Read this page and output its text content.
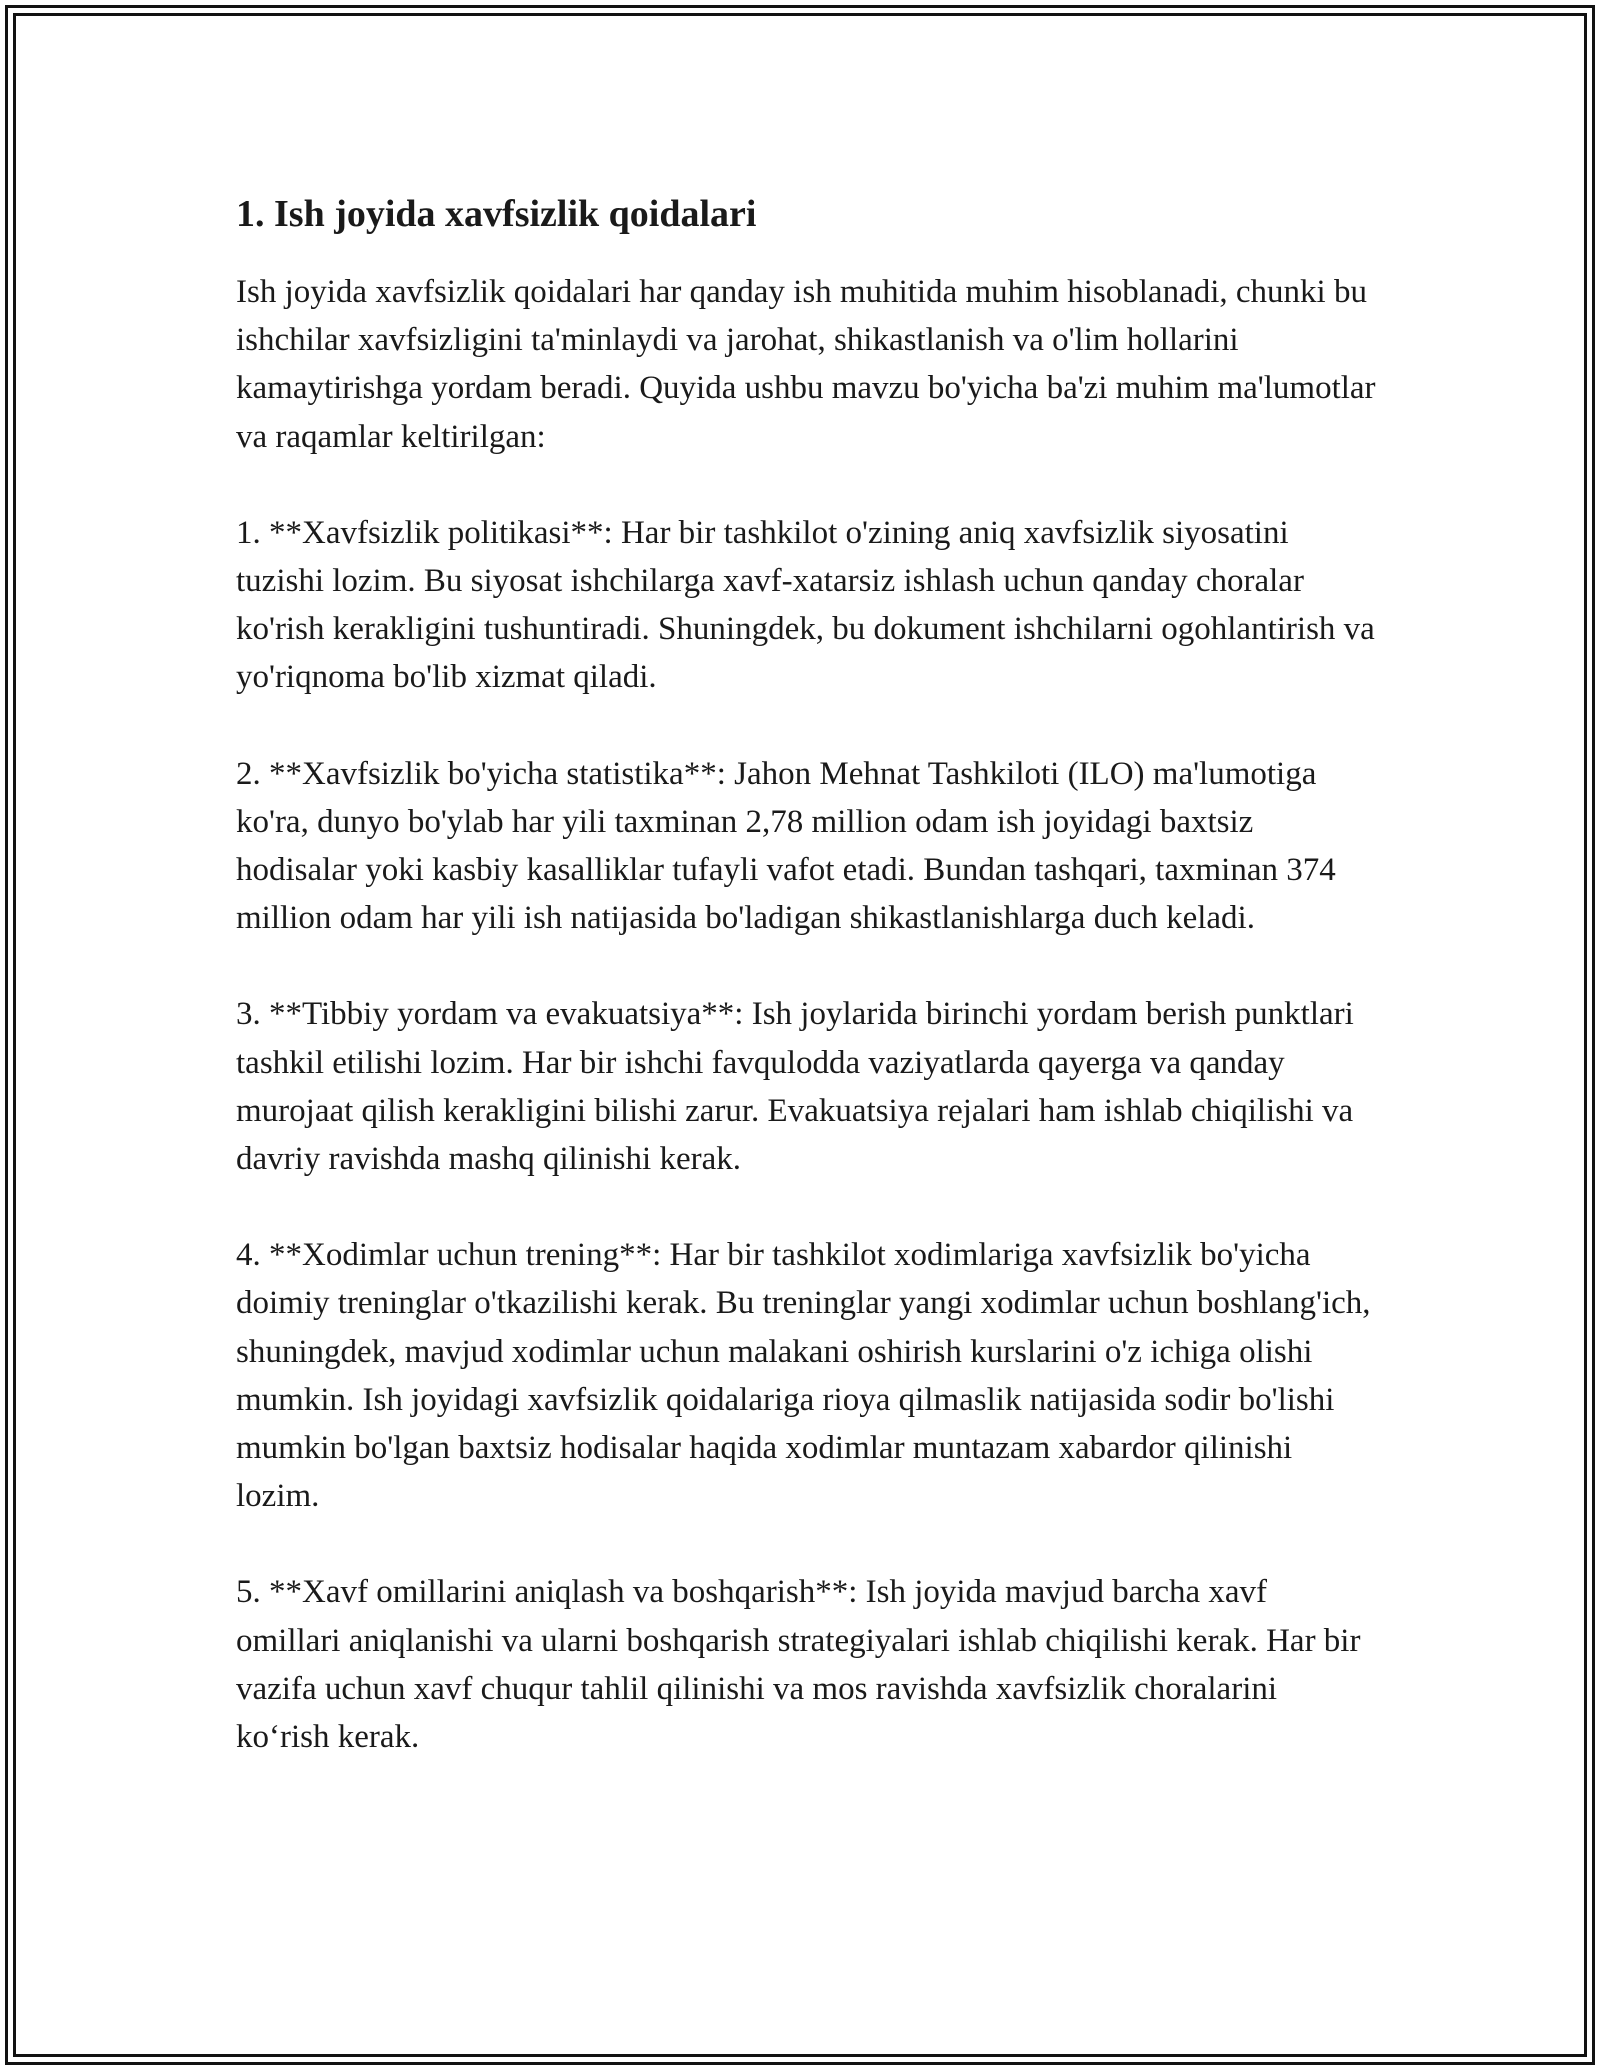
1. Ish joyida xavfsizlik qoidalari

Ish joyida xavfsizlik qoidalari har qanday ish muhitida muhim hisoblanadi, chunki bu ishchilar xavfsizligini ta'minlaydi va jarohat, shikastlanish va o'lim hollarini kamaytirishga yordam beradi. Quyida ushbu mavzu bo'yicha ba'zi muhim ma'lumotlar va raqamlar keltirilgan:

1. **Xavfsizlik politikasi**: Har bir tashkilot o'zining aniq xavfsizlik siyosatini tuzishi lozim. Bu siyosat ishchilarga xavf-xatarsiz ishlash uchun qanday choralar ko'rish kerakligini tushuntiradi. Shuningdek, bu dokument ishchilarni ogohlantirish va yo'riqnoma bo'lib xizmat qiladi.

2. **Xavfsizlik bo'yicha statistika**: Jahon Mehnat Tashkiloti (ILO) ma'lumotiga ko'ra, dunyo bo'ylab har yili taxminan 2,78 million odam ish joyidagi baxtsiz hodisalar yoki kasbiy kasalliklar tufayli vafot etadi. Bundan tashqari, taxminan 374 million odam har yili ish natijasida bo'ladigan shikastlanishlarga duch keladi.

3. **Tibbiy yordam va evakuatsiya**: Ish joylarida birinchi yordam berish punktlari tashkil etilishi lozim. Har bir ishchi favqulodda vaziyatlarda qayerga va qanday murojaat qilish kerakligini bilishi zarur. Evakuatsiya rejalari ham ishlab chiqilishi va davriy ravishda mashq qilinishi kerak.

4. **Xodimlar uchun trening**: Har bir tashkilot xodimlariga xavfsizlik bo'yicha doimiy treninglar o'tkazilishi kerak. Bu treninglar yangi xodimlar uchun boshlang'ich, shuningdek, mavjud xodimlar uchun malakani oshirish kurslarini o'z ichiga olishi mumkin. Ish joyidagi xavfsizlik qoidalariga rioya qilmaslik natijasida sodir bo'lishi mumkin bo'lgan baxtsiz hodisalar haqida xodimlar muntazam xabardor qilinishi lozim.

5. **Xavf omillarini aniqlash va boshqarish**: Ish joyida mavjud barcha xavf omillari aniqlanishi va ularni boshqarish strategiyalari ishlab chiqilishi kerak. Har bir vazifa uchun xavf chuqur tahlil qilinishi va mos ravishda xavfsizlik choralarini ko‘rish kerak.
